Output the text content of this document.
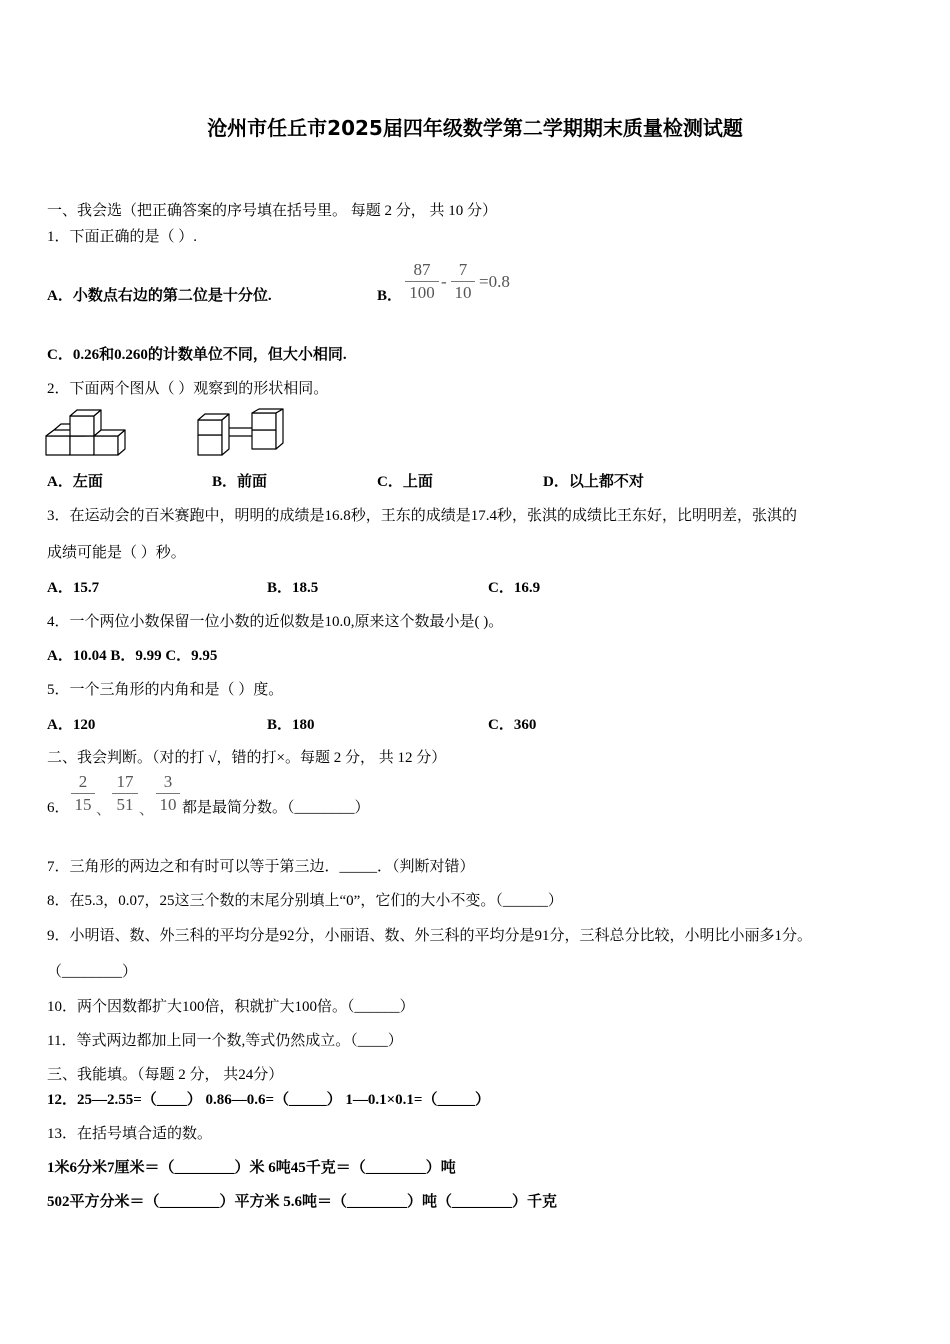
沧州市任丘市2025届四年级数学第二学期期末质量检测试题
一、我会选（把正确答案的序号填在括号里。 每题 2 分， 共 10 分）
1．下面正确的是（ ）.
A．小数点右边的第二位是十分位.	B．
87
100
-
7
10
=0.8
C．0.26和0.260的计数单位不同，但大小相同.
2．下面两个图从（ ）观察到的形状相同。
A．左面	B．前面	C．上面	D．以上都不对
3．在运动会的百米赛跑中，明明的成绩是16.8秒，王东的成绩是17.4秒，张淇的成绩比王东好，比明明差，张淇的
成绩可能是（ ）秒。
A．15.7	B．18.5	C．16.9
4．一个两位小数保留一位小数的近似数是10.0,原来这个数最小是( )。
A．10.04 B．9.99 C．9.95
5．一个三角形的内角和是（ ）度。
A．120	B．180	C．360
二、我会判断。（对的打 √，错的打×。每题 2 分， 共 12 分）
6．
2
15 、
17
51 、
3
10 都是最简分数。（________）
7．三角形的两边之和有时可以等于第三边．_____．（判断对错）
8．在5.3，0.07，25这三个数的末尾分别填上“0”，它们的大小不变。（______）
9．小明语、数、外三科的平均分是92分，小丽语、数、外三科的平均分是91分，三科总分比较，小明比小丽多1分。
（________）
10．两个因数都扩大100倍，积就扩大100倍。（______）
11．等式两边都加上同一个数,等式仍然成立。（____）
三、我能填。（每题 2 分， 共24分）
12．25—2.55=（____） 0.86—0.6=（_____） 1—0.1×0.1=（_____）
13．在括号填合适的数。
1米6分米7厘米＝（________）米 6吨45千克＝（________）吨
502平方分米＝（________）平方米 5.6吨＝（________）吨（________）千克
